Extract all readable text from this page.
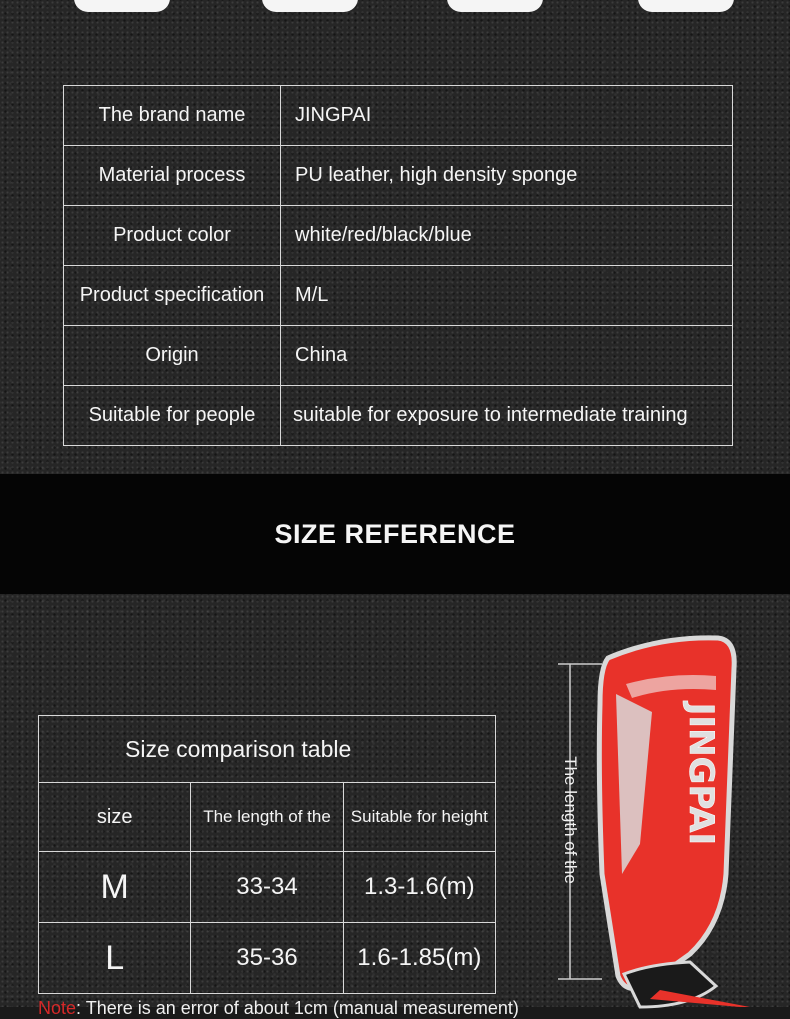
The brand name	JINGPAI
Material process	PU leather, high density sponge
Product color	white/red/black/blue
Product specification	M/L
Origin	China
Suitable for people	suitable for exposure to intermediate training
SIZE REFERENCE
Size comparison table		
size	The length of the	Suitable for height
M	33-34	1.3-1.6(m)
L	35-36	1.6-1.85(m)
JINGPAI
The length of the
Note: There is an error of about 1cm (manual measurement)
